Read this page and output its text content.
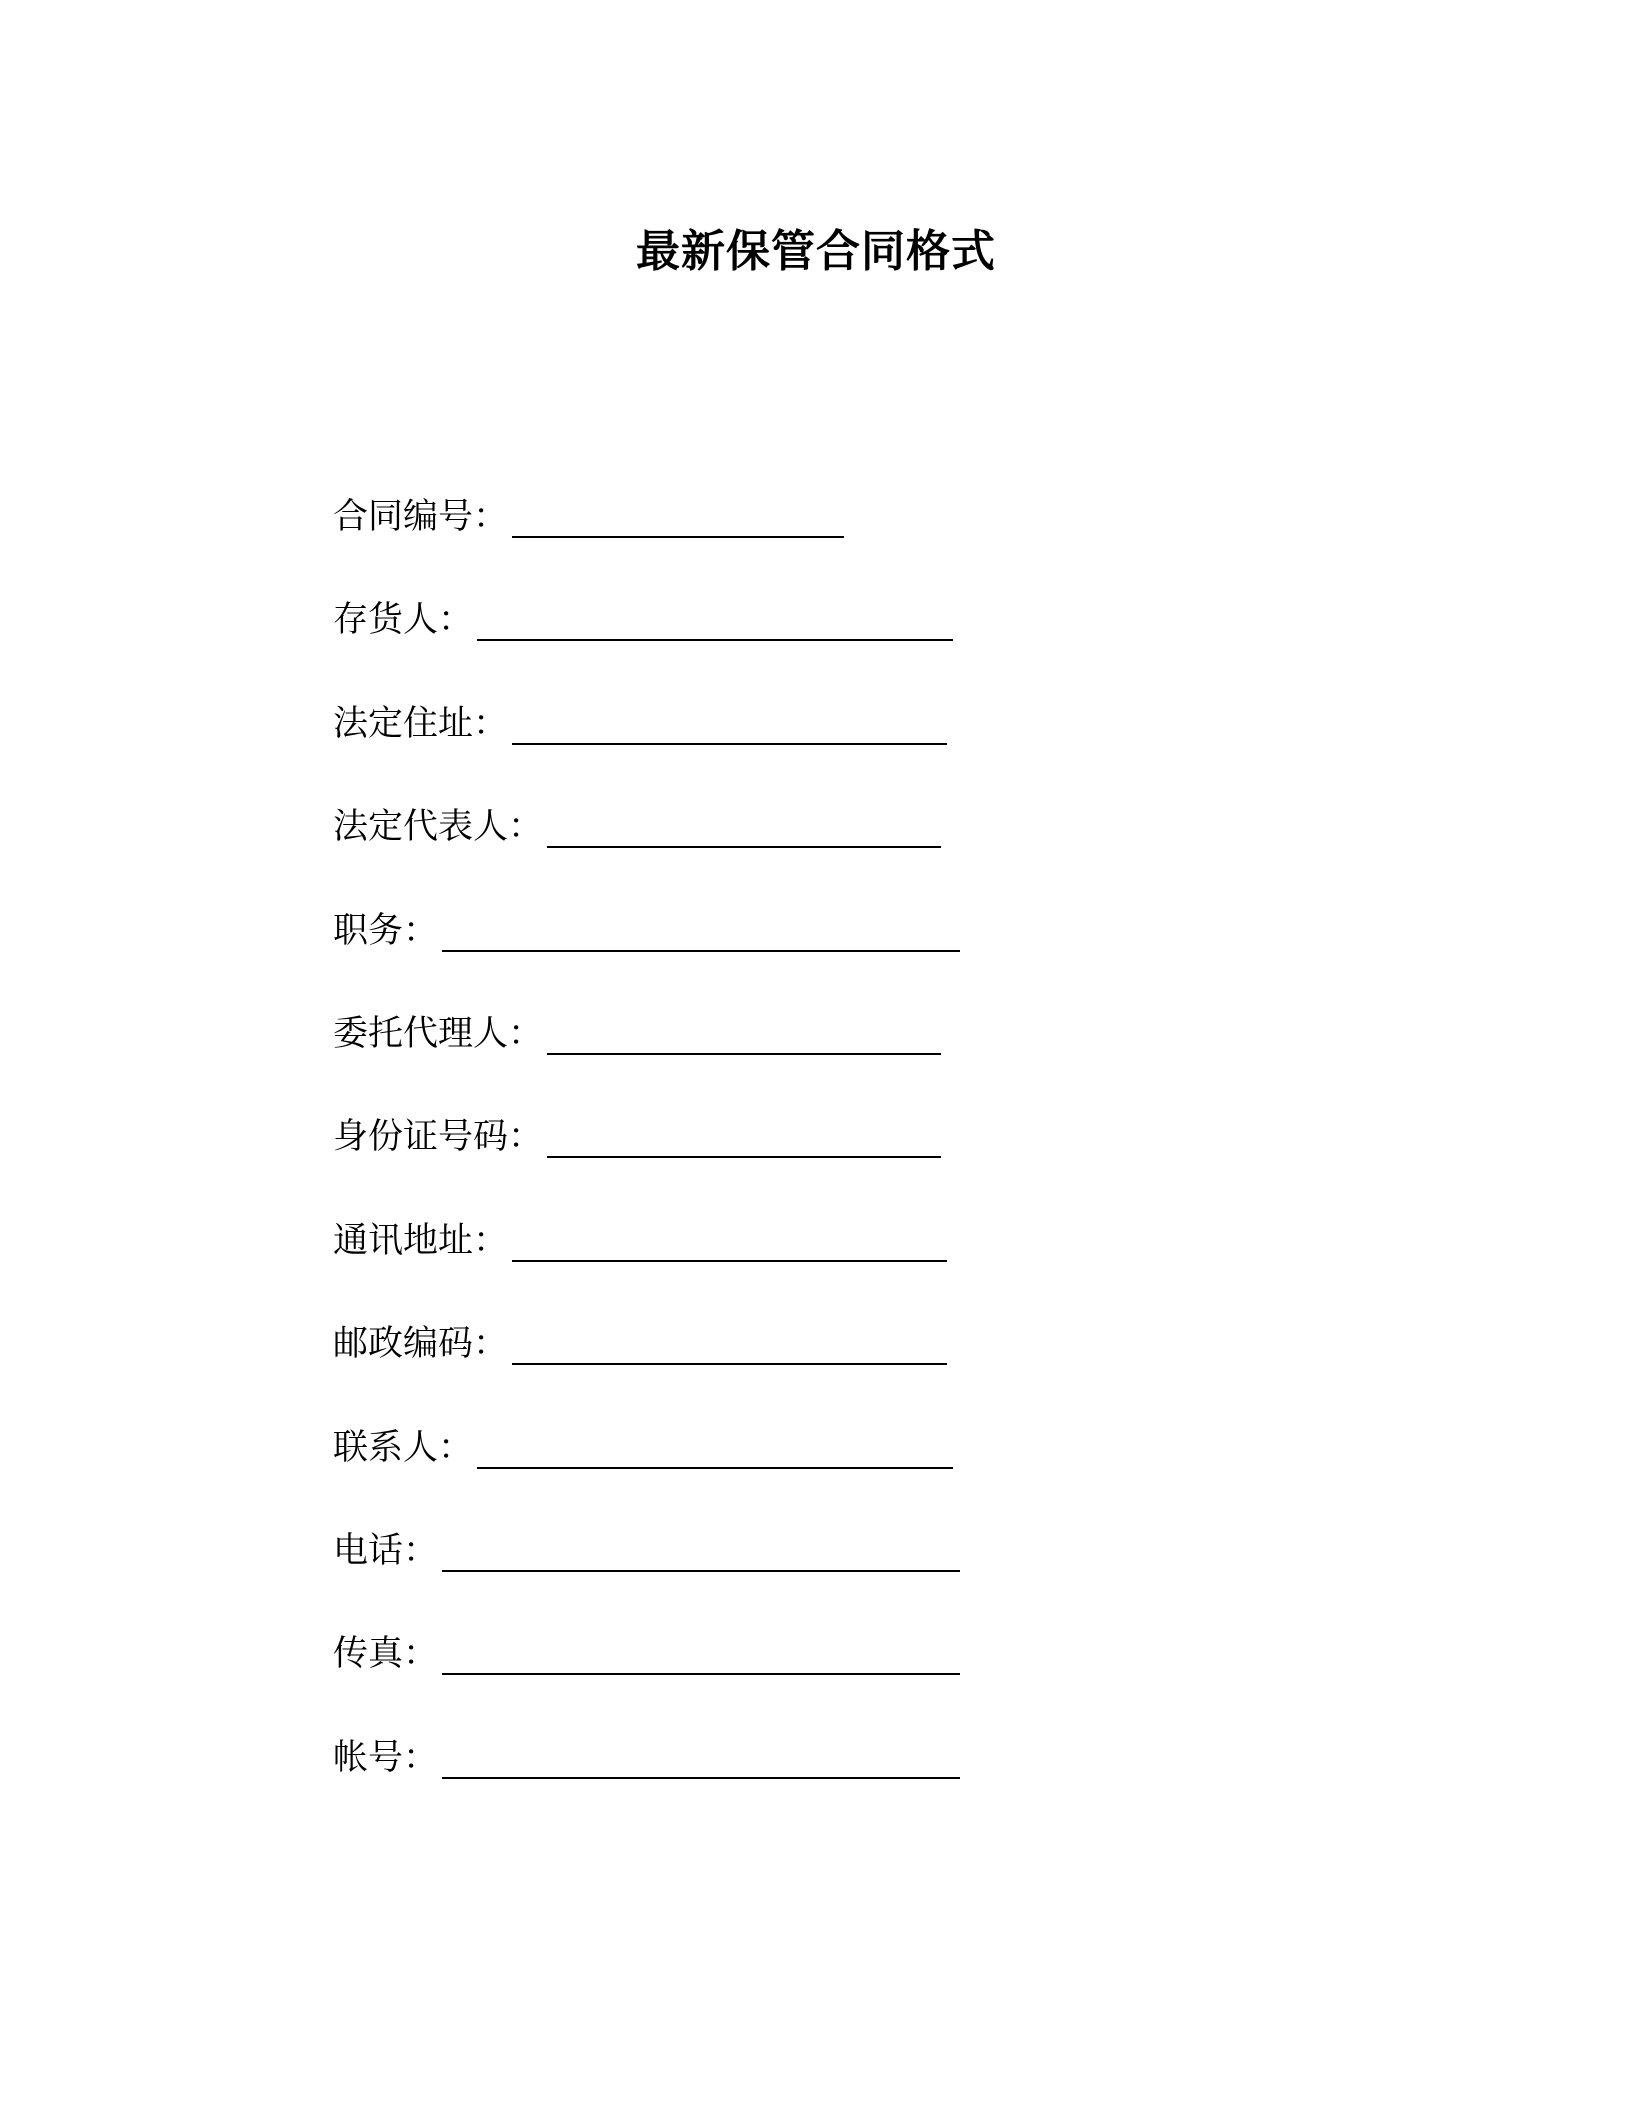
最新保管合同格式
合同编号：
存货人：
法定住址：
法定代表人：
职务：
委托代理人：
身份证号码：
通讯地址：
邮政编码：
联系人：
电话：
传真：
帐号：
